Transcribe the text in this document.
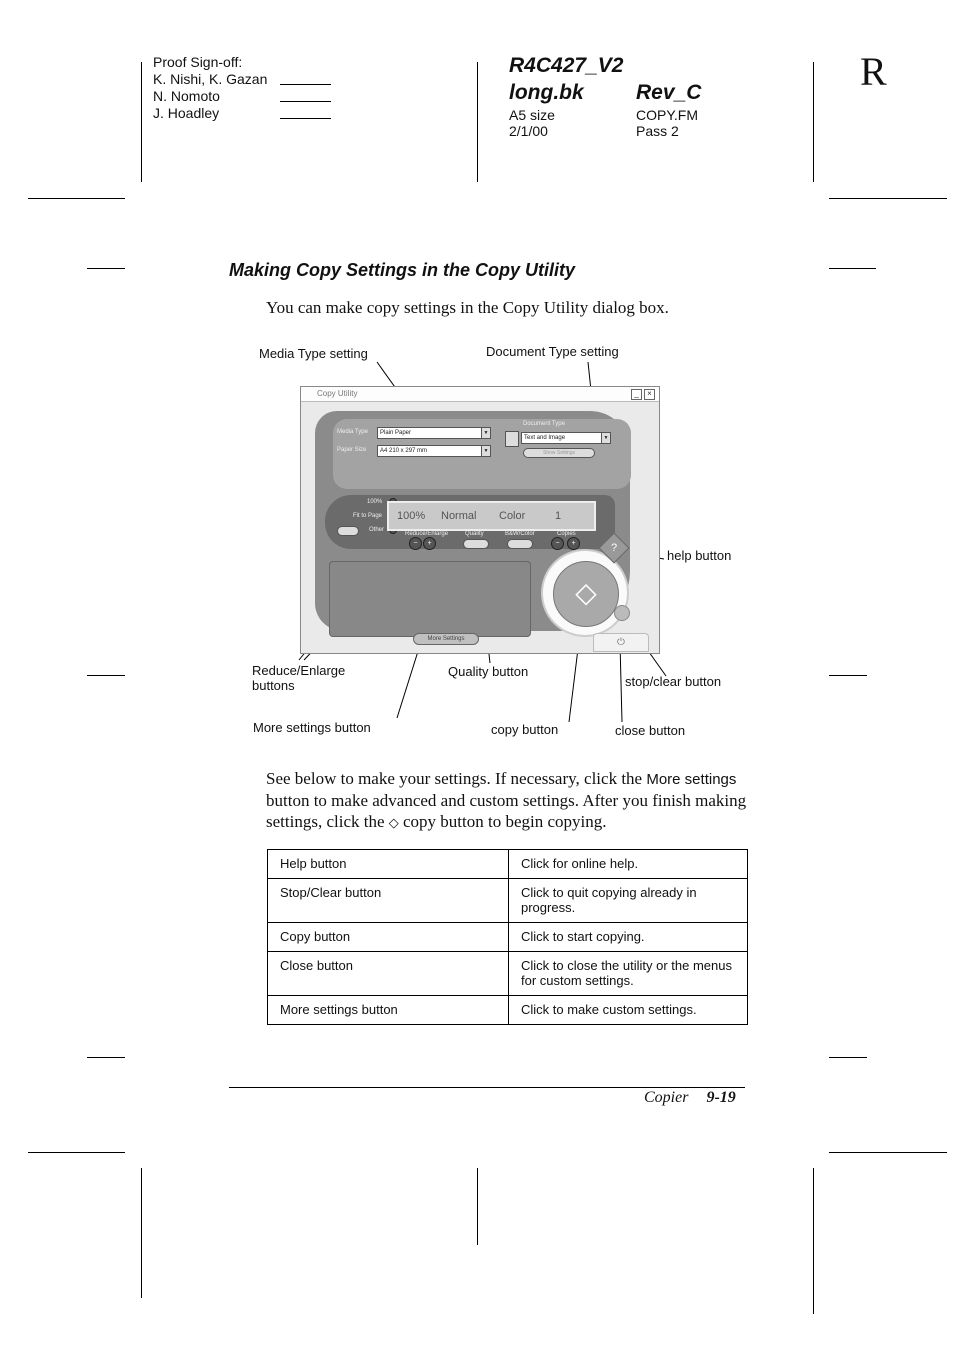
Proof Sign-off:
K. Nishi, K. Gazan
N. Nomoto
J. Hoadley
R4C427_V2
long.bk Rev_C
A5 size	COPY.FM
2/1/00	Pass 2
R
Making Copy Settings in the Copy Utility
You can make copy settings in the Copy Utility dialog box.
Media Type setting	Document Type setting
help button
Reduce/Enlarge
buttons
Quality button
stop/clear button
More settings button	copy button	close button
Copy Utility	_	×
Media Type	Plain Paper	▼
Paper Size	A4 210 x 297 mm	▼
Document Type
Text and Image	▼
Show Settings
100%
Fit to Page
Other
100% Normal Color	1
Reduce/Enlarge
−	+
Quality	B&W/Color	Copies
−	+
More Settings
◇
?
⏻
See below to make your settings. If necessary, click the More settings button to make advanced and custom settings. After you finish making settings, click the ◇ copy button to begin copying.
Help button	Click for online help.
Stop/Clear button	Click to quit copying already in progress.
Copy button	Click to start copying.
Close button	Click to close the utility or the menus for custom settings.
More settings button	Click to make custom settings.
Copier 9-19
